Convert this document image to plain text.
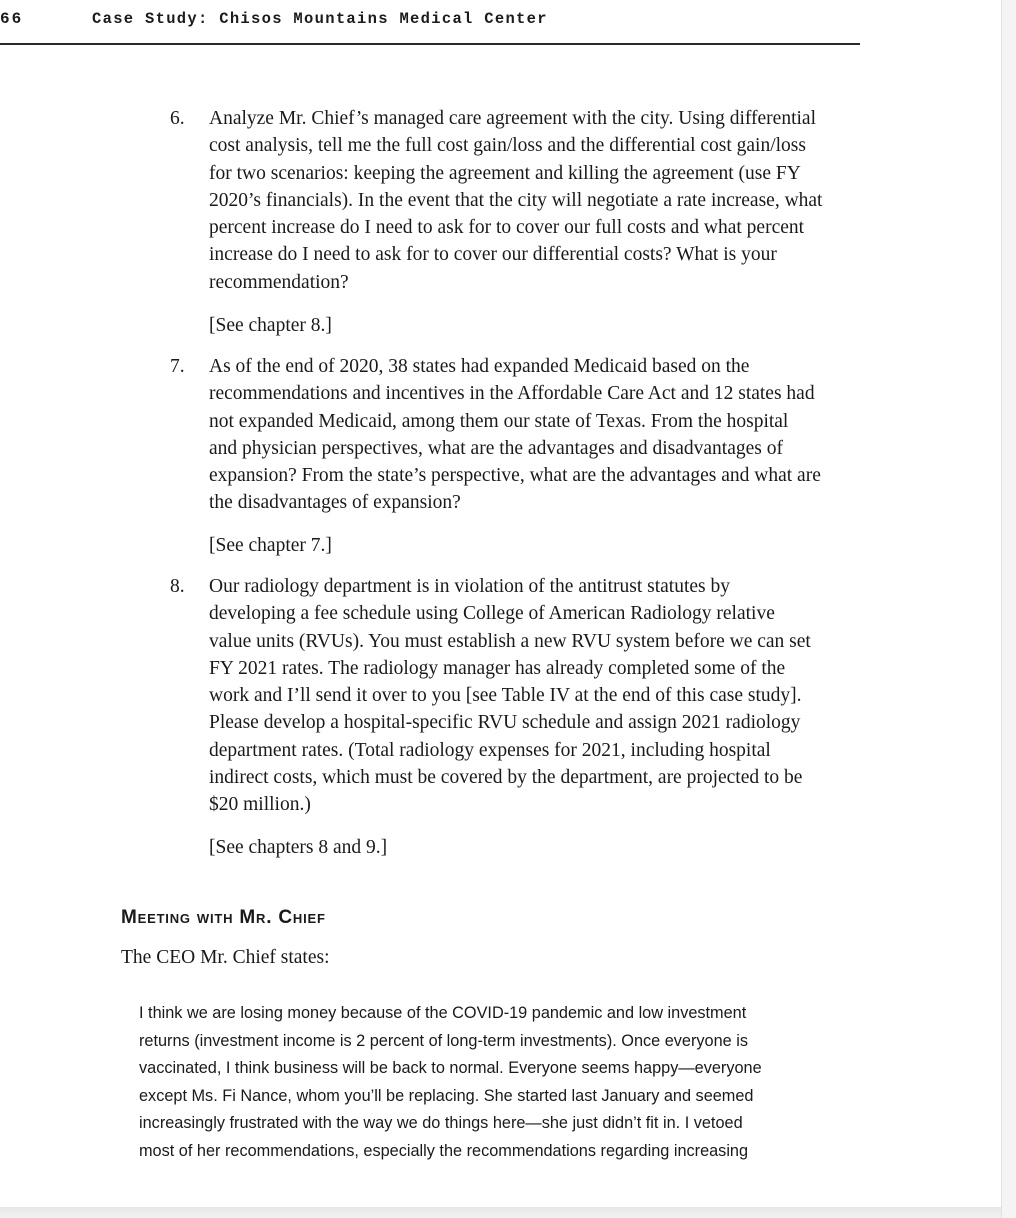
66	Case Study: Chisos Mountains Medical Center
6.	Analyze Mr. Chief’s managed care agreement with the city. Using differential
cost analysis, tell me the full cost gain/loss and the differential cost gain/loss
for two scenarios: keeping the agreement and killing the agreement (use FY
2020’s financials). In the event that the city will negotiate a rate increase, what
percent increase do I need to ask for to cover our full costs and what percent
increase do I need to ask for to cover our differential costs? What is your
recommendation?
[See chapter 8.]
7.	As of the end of 2020, 38 states had expanded Medicaid based on the
recommendations and incentives in the Affordable Care Act and 12 states had
not expanded Medicaid, among them our state of Texas. From the hospital
and physician perspectives, what are the advantages and disadvantages of
expansion? From the state’s perspective, what are the advantages and what are
the disadvantages of expansion?
[See chapter 7.]
8.	Our radiology department is in violation of the antitrust statutes by
developing a fee schedule using College of American Radiology relative
value units (RVUs). You must establish a new RVU system before we can set
FY 2021 rates. The radiology manager has already completed some of the
work and I’ll send it over to you [see Table IV at the end of this case study].
Please develop a hospital-specific RVU schedule and assign 2021 radiology
department rates. (Total radiology expenses for 2021, including hospital
indirect costs, which must be covered by the department, are projected to be
$20 million.)
[See chapters 8 and 9.]
Meeting with Mr. Chief
The CEO Mr. Chief states:
I think we are losing money because of the COVID-19 pandemic and low investment
returns (investment income is 2 percent of long-term investments). Once everyone is
vaccinated, I think business will be back to normal. Everyone seems happy—everyone
except Ms. Fi Nance, whom you’ll be replacing. She started last January and seemed
increasingly frustrated with the way we do things here—she just didn’t fit in. I vetoed
most of her recommendations, especially the recommendations regarding increasing
